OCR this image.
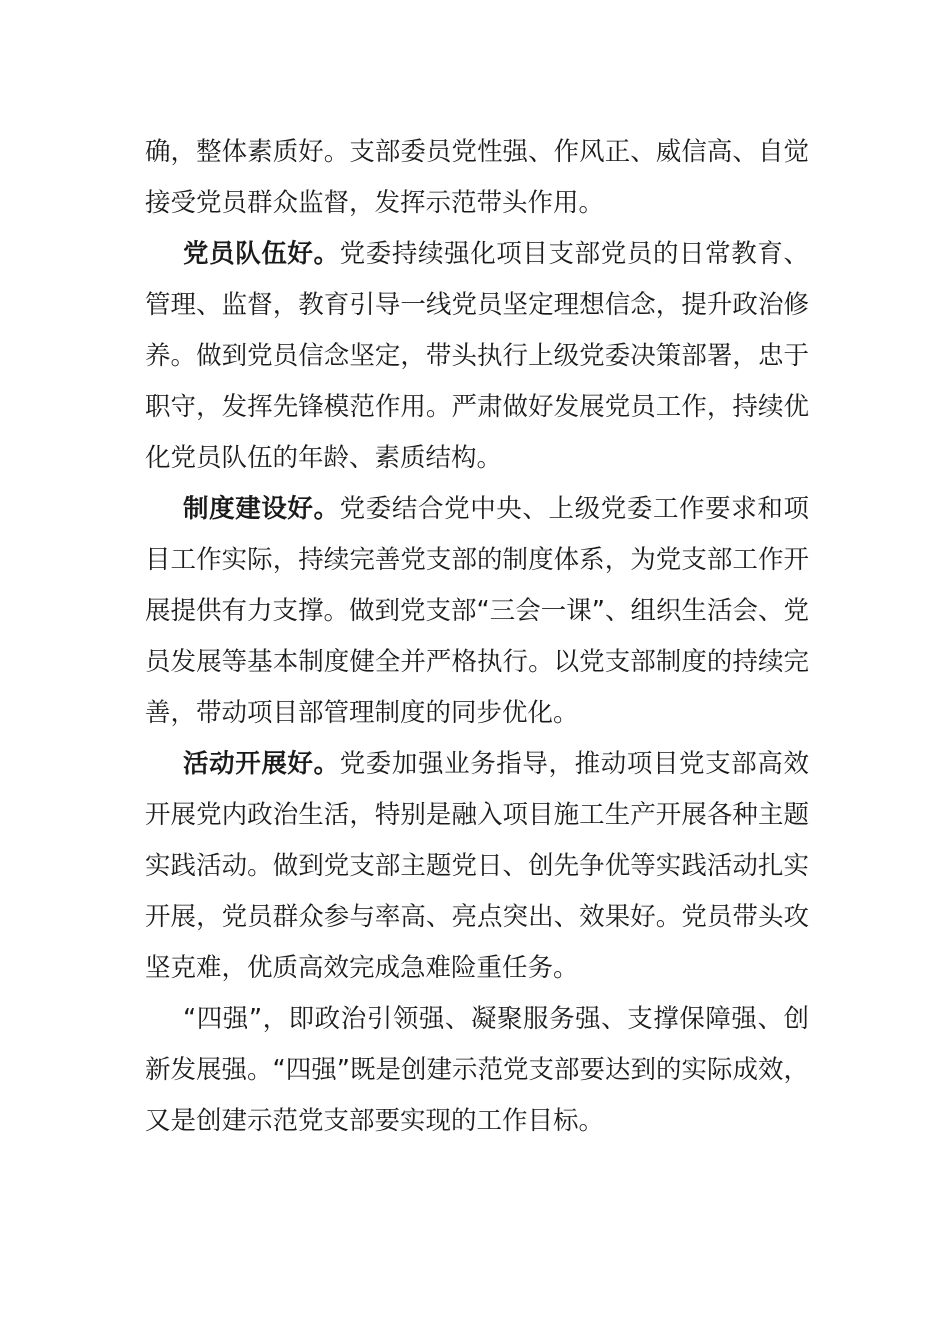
确，整体素质好。支部委员党性强、作风正、威信高、自觉接受党员群众监督，发挥示范带头作用。

党员队伍好。党委持续强化项目支部党员的日常教育、管理、监督，教育引导一线党员坚定理想信念，提升政治修养。做到党员信念坚定，带头执行上级党委决策部署，忠于职守，发挥先锋模范作用。严肃做好发展党员工作，持续优化党员队伍的年龄、素质结构。

制度建设好。党委结合党中央、上级党委工作要求和项目工作实际，持续完善党支部的制度体系，为党支部工作开展提供有力支撑。做到党支部“三会一课”、组织生活会、党员发展等基本制度健全并严格执行。以党支部制度的持续完善，带动项目部管理制度的同步优化。

活动开展好。党委加强业务指导，推动项目党支部高效开展党内政治生活，特别是融入项目施工生产开展各种主题实践活动。做到党支部主题党日、创先争优等实践活动扎实开展，党员群众参与率高、亮点突出、效果好。党员带头攻坚克难，优质高效完成急难险重任务。

“四强”，即政治引领强、凝聚服务强、支撑保障强、创新发展强。“四强”既是创建示范党支部要达到的实际成效，又是创建示范党支部要实现的工作目标。
